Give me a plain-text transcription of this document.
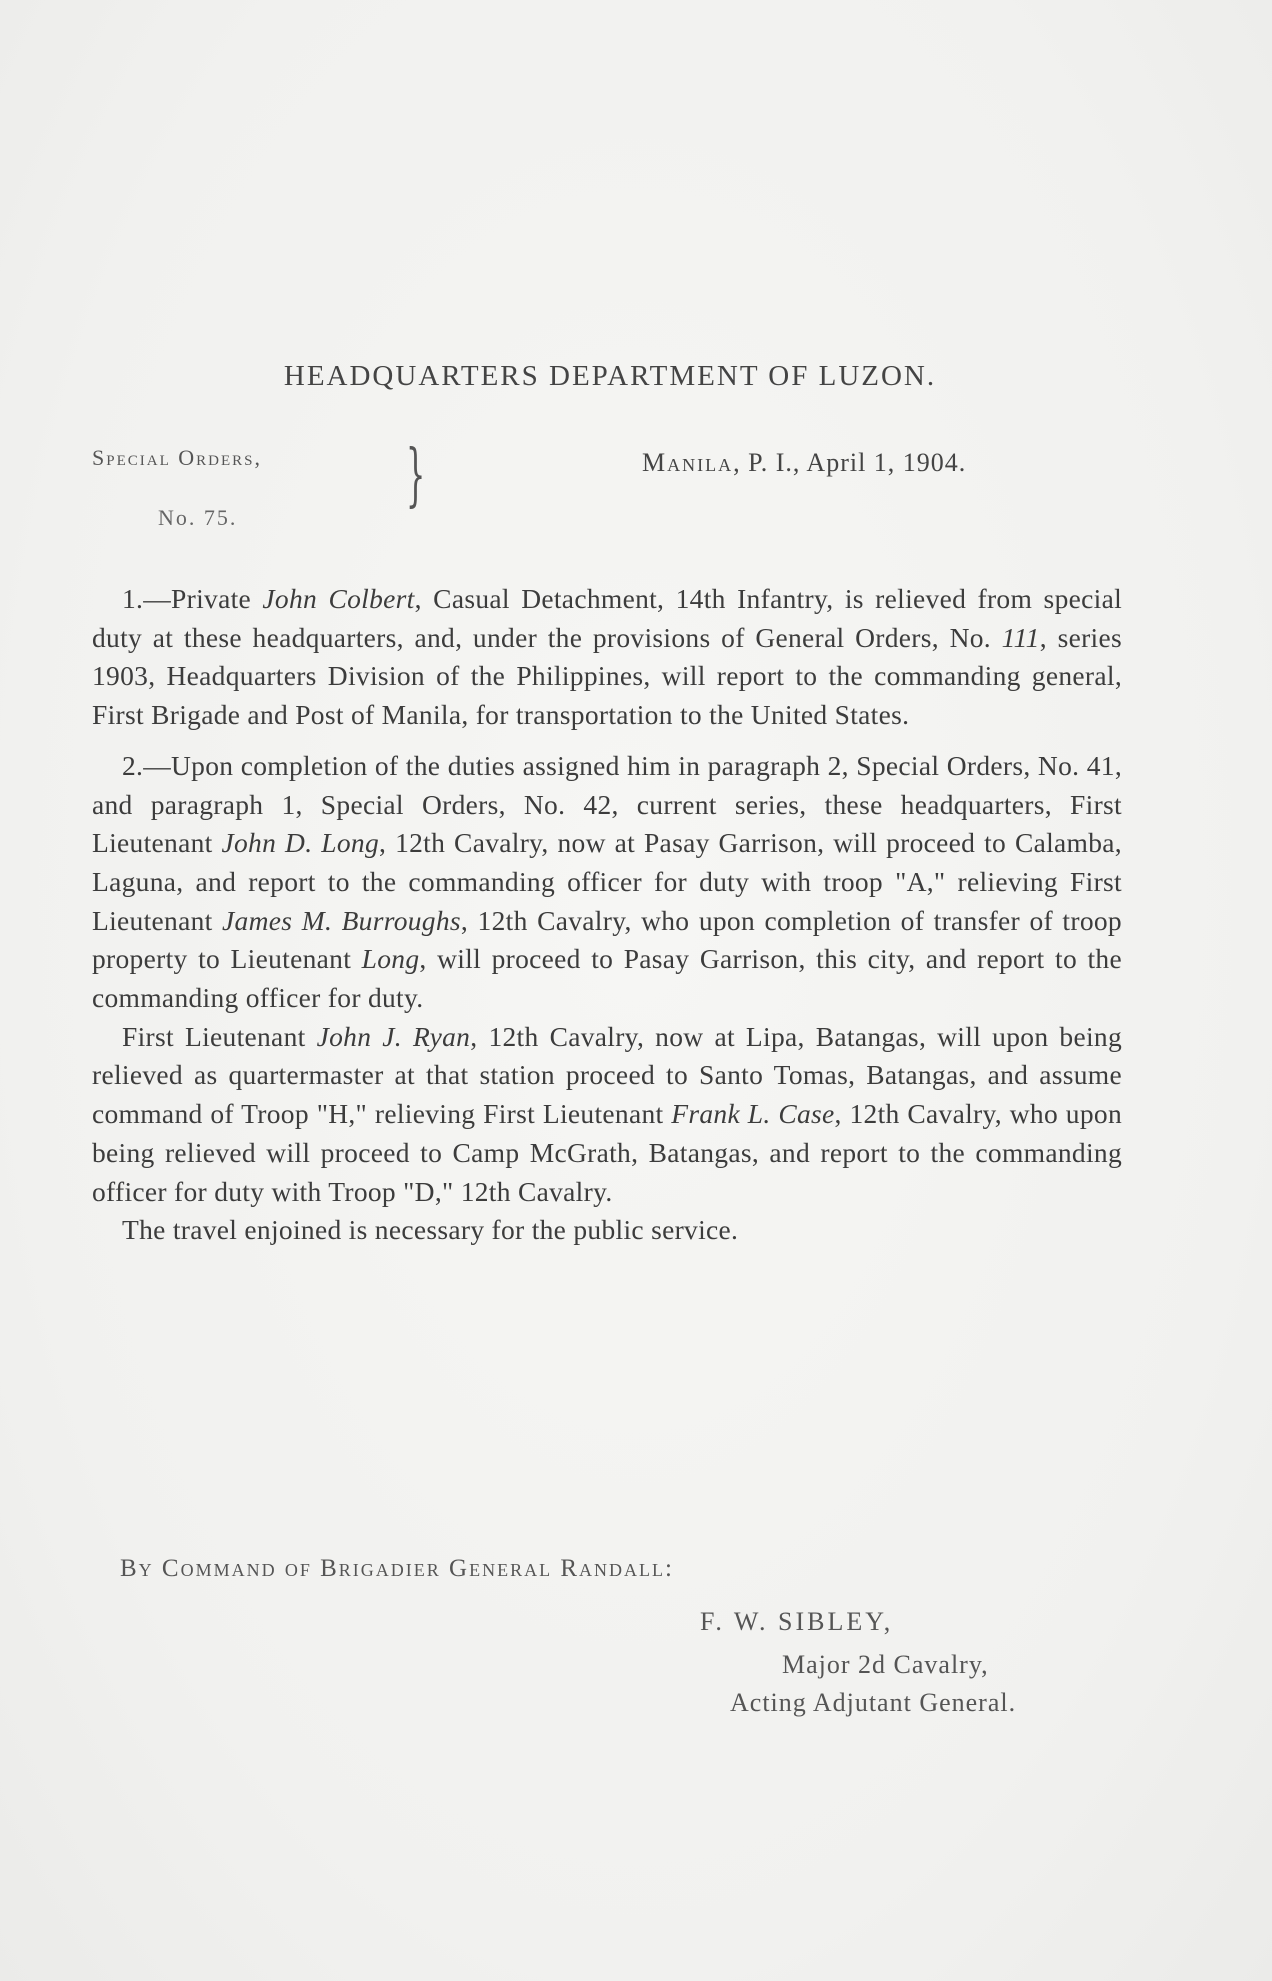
HEADQUARTERS DEPARTMENT OF LUZON.
Special Orders,
No. 75.
}	Manila, P. I., April 1, 1904.

1.—Private John Colbert, Casual Detachment, 14th Infantry, is relieved from special duty at these headquarters, and, under the provisions of General Orders, No. 111, series 1903, Headquarters Division of the Philippines, will report to the commanding general, First Brigade and Post of Manila, for transportation to the United States.

2.—Upon completion of the duties assigned him in paragraph 2, Special Orders, No. 41, and paragraph 1, Special Orders, No. 42, current series, these headquarters, First Lieutenant John D. Long, 12th Cavalry, now at Pasay Garrison, will proceed to Calamba, Laguna, and report to the commanding officer for duty with troop "A," relieving First Lieutenant James M. Burroughs, 12th Cavalry, who upon completion of transfer of troop property to Lieutenant Long, will proceed to Pasay Garrison, this city, and report to the commanding officer for duty.

First Lieutenant John J. Ryan, 12th Cavalry, now at Lipa, Batangas, will upon being relieved as quartermaster at that station proceed to Santo Tomas, Batangas, and assume command of Troop "H," relieving First Lieutenant Frank L. Case, 12th Cavalry, who upon being relieved will proceed to Camp McGrath, Batangas, and report to the commanding officer for duty with Troop "D," 12th Cavalry.

The travel enjoined is necessary for the public service.

By Command of Brigadier General Randall:
F. W. SIBLEY,
Major 2d Cavalry,
Acting Adjutant General.
